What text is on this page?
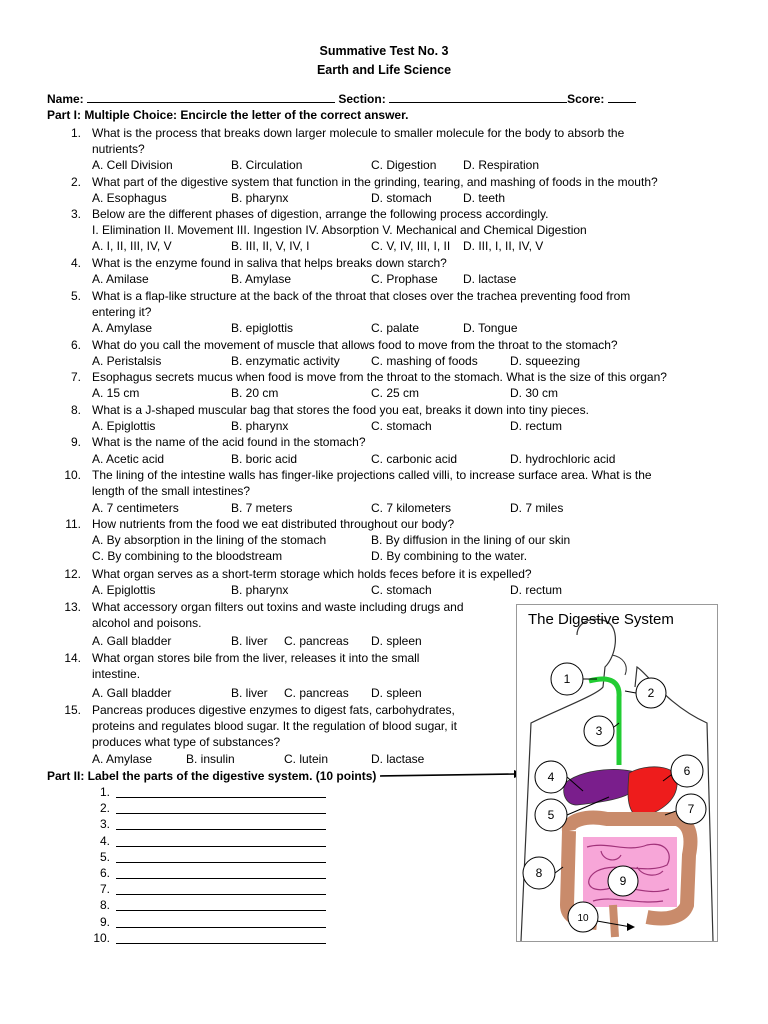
Summative Test No. 3
Earth and Life Science
Name:	Section:	Score:
Part I: Multiple Choice: Encircle the letter of the correct answer.
1. What is the process that breaks down larger molecule to smaller molecule for the body to absorb the
nutrients?
A. Cell Division	B. Circulation	C. Digestion D. Respiration
2. What part of the digestive system that function in the grinding, tearing, and mashing of foods in the mouth?
A. Esophagus	B. pharynx	D. stomach	D. teeth
3. Below are the different phases of digestion, arrange the following process accordingly.
I. Elimination II. Movement III. Ingestion IV. Absorption V. Mechanical and Chemical Digestion
A. I, II, III, IV, V	B. III, II, V, IV, I	C. V, IV, III, I, II D. III, I, II, IV, V
4. What is the enzyme found in saliva that helps breaks down starch?
A. Amilase	B. Amylase	C. Prophase D. lactase
5. What is a flap-like structure at the back of the throat that closes over the trachea preventing food from
entering it?
A. Amylase	B. epiglottis	C. palate	D. Tongue
6. What do you call the movement of muscle that allows food to move from the throat to the stomach?
A. Peristalsis	B. enzymatic activity	C. mashing of foods	D. squeezing
7. Esophagus secrets mucus when food is move from the throat to the stomach. What is the size of this organ?
A. 15 cm	B. 20 cm	C. 25 cm	D. 30 cm
8. What is a J-shaped muscular bag that stores the food you eat, breaks it down into tiny pieces.
A. Epiglottis	B. pharynx	C. stomach	D. rectum
9. What is the name of the acid found in the stomach?
A. Acetic acid	B. boric acid	C. carbonic acid	D. hydrochloric acid
10. The lining of the intestine walls has finger-like projections called villi, to increase surface area. What is the
length of the small intestines?
A. 7 centimeters	B. 7 meters	C. 7 kilometers	D. 7 miles
11. How nutrients from the food we eat distributed throughout our body?
A. By absorption in the lining of the stomach	B. By diffusion in the lining of our skin
C. By combining to the bloodstream	D. By combining to the water.
12. What organ serves as a short-term storage which holds feces before it is expelled?
A. Epiglottis	B. pharynx	C. stomach	D. rectum
13. What accessory organ filters out toxins and waste including drugs and
alcohol and poisons.
A. Gall bladder	B. liver C. pancreas D. spleen
14. What organ stores bile from the liver, releases it into the small
intestine.
A. Gall bladder	B. liver C. pancreas D. spleen
15. Pancreas produces digestive enzymes to digest fats, carbohydrates,
proteins and regulates blood sugar. It the regulation of blood sugar, it
produces what type of substances?
A. Amylase	B. insulin	C. lutein	D. lactase
Part II: Label the parts of the digestive system. (10 points)
1.
2.
3.
4.
5.
6.
7.
8.
9.
10.
1
2
3
4	6
5	7
8
9
10
The Digestive System
